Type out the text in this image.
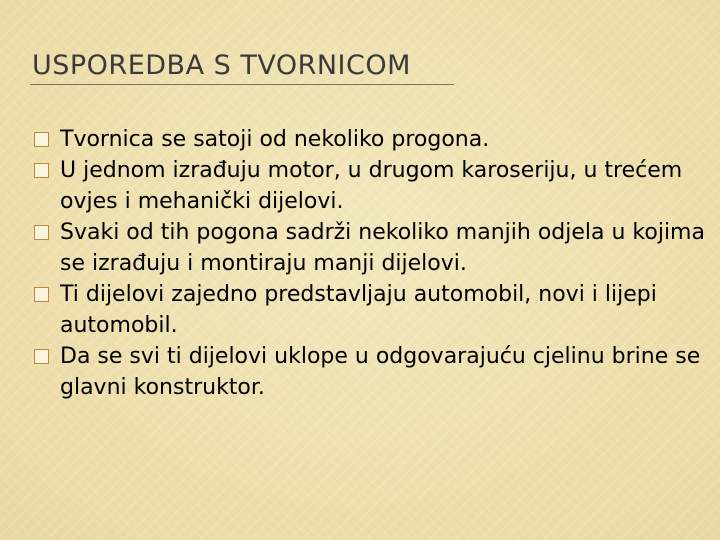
USPOREDBA S TVORNICOM
Tvornica se satoji od nekoliko progona.
U jednom izrađuju motor, u drugom karoseriju, u trećem ovjes i mehanički dijelovi.
Svaki od tih pogona sadrži nekoliko manjih odjela u kojima se izrađuju i montiraju manji dijelovi.
Ti dijelovi zajedno predstavljaju automobil, novi i lijepi automobil.
Da se svi ti dijelovi uklope u odgovarajuću cjelinu brine se glavni konstruktor.
